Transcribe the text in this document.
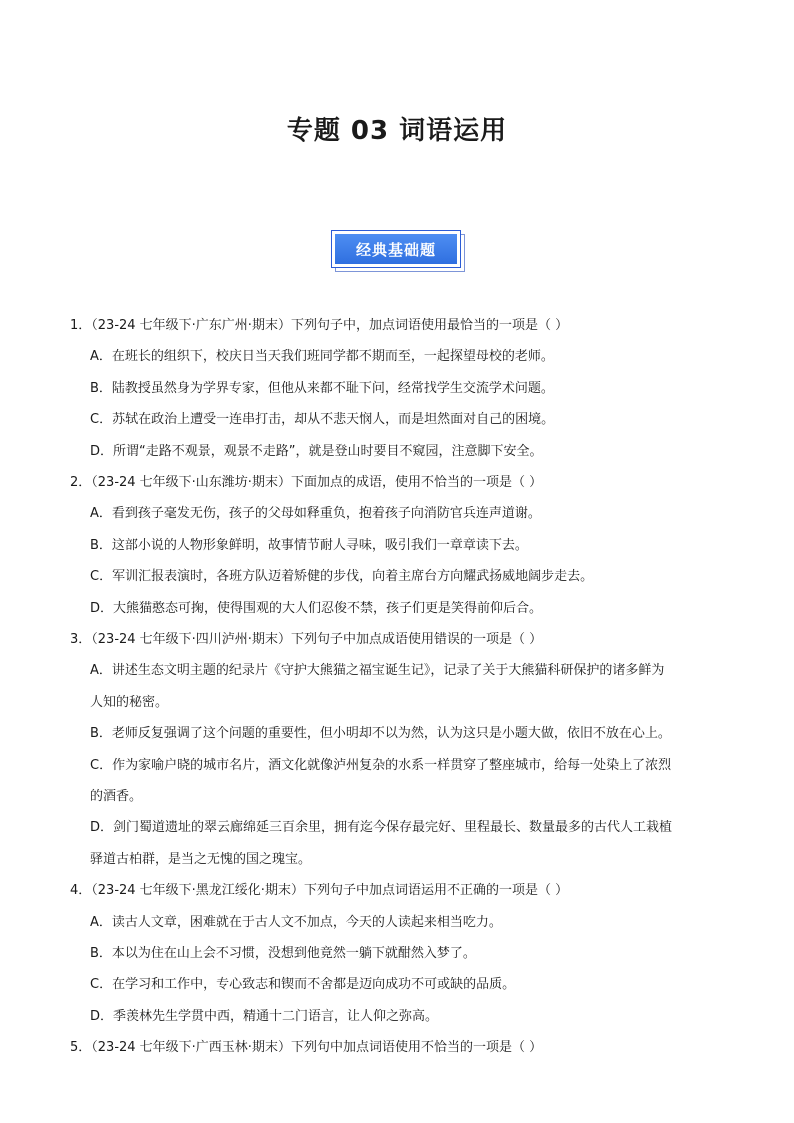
专题 03 词语运用
经典基础题
1．（23-24 七年级下·广东广州·期末）下列句子中，加点词语使用最恰当的一项是（ ）
A．在班长的组织下，校庆日当天我们班同学都不期而至，一起探望母校的老师。
B．陆教授虽然身为学界专家，但他从来都不耻下问，经常找学生交流学术问题。
C．苏轼在政治上遭受一连串打击，却从不悲天悯人，而是坦然面对自己的困境。
D．所谓“走路不观景，观景不走路”，就是登山时要目不窥园，注意脚下安全。
2．（23-24 七年级下·山东潍坊·期末）下面加点的成语，使用不恰当的一项是（ ）
A．看到孩子毫发无伤，孩子的父母如释重负，抱着孩子向消防官兵连声道谢。
B．这部小说的人物形象鲜明，故事情节耐人寻味，吸引我们一章章读下去。
C．军训汇报表演时，各班方队迈着矫健的步伐，向着主席台方向耀武扬威地阔步走去。
D．大熊猫憨态可掬，使得围观的大人们忍俊不禁，孩子们更是笑得前仰后合。
3．（23-24 七年级下·四川泸州·期末）下列句子中加点成语使用错误的一项是（ ）
A．讲述生态文明主题的纪录片《守护大熊猫之福宝诞生记》，记录了关于大熊猫科研保护的诸多鲜为
人知的秘密。
B．老师反复强调了这个问题的重要性，但小明却不以为然，认为这只是小题大做，依旧不放在心上。
C．作为家喻户晓的城市名片，酒文化就像泸州复杂的水系一样贯穿了整座城市，给每一处染上了浓烈
的酒香。
D．剑门蜀道遗址的翠云廊绵延三百余里，拥有迄今保存最完好、里程最长、数量最多的古代人工栽植
驿道古柏群，是当之无愧的国之瑰宝。
4．（23-24 七年级下·黑龙江绥化·期末）下列句子中加点词语运用不正确的一项是（ ）
A．读古人文章，困难就在于古人文不加点，今天的人读起来相当吃力。
B．本以为住在山上会不习惯，没想到他竟然一躺下就酣然入梦了。
C．在学习和工作中，专心致志和锲而不舍都是迈向成功不可或缺的品质。
D．季羡林先生学贯中西，精通十二门语言，让人仰之弥高。
5．（23-24 七年级下·广西玉林·期末）下列句中加点词语使用不恰当的一项是（ ）
